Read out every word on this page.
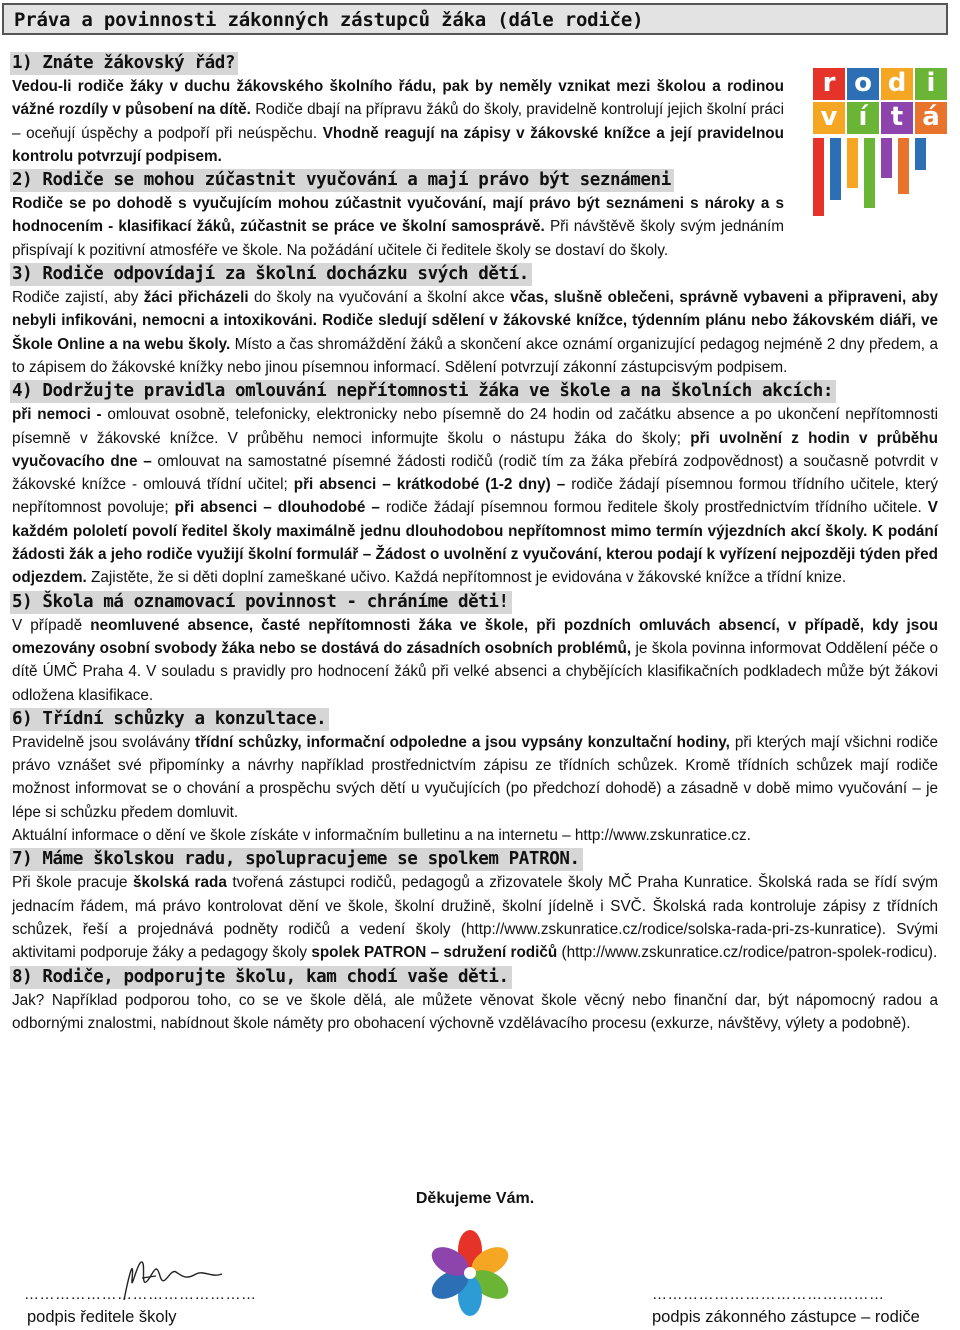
Práva a povinnosti zákonných zástupců žáka (dále rodiče)
r o d i
v í t á
1) Znáte žákovský řád?

Vedou-li rodiče žáky v duchu žákovského školního řádu, pak by neměly vznikat mezi školou a rodinou vážné rozdíly v působení na dítě. Rodiče dbají na přípravu žáků do školy, pravidelně kontrolují jejich školní práci – oceňují úspěchy a podpoří při neúspěchu. Vhodně reagují na zápisy v žákovské knížce a její pravidelnou kontrolu potvrzují podpisem.

2) Rodiče se mohou zúčastnit vyučování a mají právo být seznámeni

Rodiče se po dohodě s vyučujícím mohou zúčastnit vyučování, mají právo být seznámeni s nároky a s hodnocením - klasifikací žáků, zúčastnit se práce ve školní samosprávě. Při návštěvě školy svým jednáním přispívají k pozitivní atmosféře ve škole. Na požádání učitele či ředitele školy se dostaví do školy.

3) Rodiče odpovídají za školní docházku svých dětí.

Rodiče zajistí, aby žáci přicházeli do školy na vyučování a školní akce včas, slušně oblečeni, správně vybaveni a připraveni, aby nebyli infikováni, nemocni a intoxikováni. Rodiče sledují sdělení v žákovské knížce, týdenním plánu nebo žákovském diáři, ve Škole Online a na webu školy. Místo a čas shromáždění žáků a skončení akce oznámí organizující pedagog nejméně 2 dny předem, a to zápisem do žákovské knížky nebo jinou písemnou informací. Sdělení potvrzují zákonní zástupcisvým podpisem.

4) Dodržujte pravidla omlouvání nepřítomnosti žáka ve škole a na školních akcích:

při nemoci - omlouvat osobně, telefonicky, elektronicky nebo písemně do 24 hodin od začátku absence a po ukončení nepřítomnosti písemně v žákovské knížce. V průběhu nemoci informujte školu o nástupu žáka do školy; při uvolnění z hodin v průběhu vyučovacího dne – omlouvat na samostatné písemné žádosti rodičů (rodič tím za žáka přebírá zodpovědnost) a současně potvrdit v žákovské knížce - omlouvá třídní učitel; při absenci – krátkodobé (1-2 dny) – rodiče žádají písemnou formou třídního učitele, který nepřítomnost povoluje; při absenci – dlouhodobé – rodiče žádají písemnou formou ředitele školy prostřednictvím třídního učitele. V každém pololetí povolí ředitel školy maximálně jednu dlouhodobou nepřítomnost mimo termín výjezdních akcí školy. K podání žádosti žák a jeho rodiče využijí školní formulář – Žádost o uvolnění z vyučování, kterou podají k vyřízení nejpozději týden před odjezdem. Zajistěte, že si děti doplní zameškané učivo. Každá nepřítomnost je evidována v žákovské knížce a třídní knize.

5) Škola má oznamovací povinnost - chráníme děti!

V případě neomluvené absence, časté nepřítomnosti žáka ve škole, při pozdních omluvách absencí, v případě, kdy jsou omezovány osobní svobody žáka nebo se dostává do zásadních osobních problémů, je škola povinna informovat Oddělení péče o dítě ÚMČ Praha 4. V souladu s pravidly pro hodnocení žáků při velké absenci a chybějících klasifikačních podkladech může být žákovi odložena klasifikace.

6) Třídní schůzky a konzultace.

Pravidelně jsou svolávány třídní schůzky, informační odpoledne a jsou vypsány konzultační hodiny, při kterých mají všichni rodiče právo vznášet své připomínky a návrhy například prostřednictvím zápisu ze třídních schůzek. Kromě třídních schůzek mají rodiče možnost informovat se o chování a prospěchu svých dětí u vyučujících (po předchozí dohodě) a zásadně v době mimo vyučování – je lépe si schůzku předem domluvit.

Aktuální informace o dění ve škole získáte v informačním bulletinu a na internetu – http://www.zskunratice.cz.

7) Máme školskou radu, spolupracujeme se spolkem PATRON.

Při škole pracuje školská rada tvořená zástupci rodičů, pedagogů a zřizovatele školy MČ Praha Kunratice. Školská rada se řídí svým jednacím řádem, má právo kontrolovat dění ve škole, školní družině, školní jídelně i SVČ. Školská rada kontroluje zápisy z třídních schůzek, řeší a projednává podněty rodičů a vedení školy (http://www.zskunratice.cz/rodice/solska-rada-pri-zs-kunratice). Svými aktivitami podporuje žáky a pedagogy školy spolek PATRON – sdružení rodičů (http://www.zskunratice.cz/rodice/patron-spolek-rodicu).

8) Rodiče, podporujte školu, kam chodí vaše děti.

Jak? Například podporou toho, co se ve škole dělá, ale můžete věnovat škole věcný nebo finanční dar, být nápomocný radou a odbornými znalostmi, nabídnout škole náměty pro obohacení výchovně vzdělávacího procesu (exkurze, návštěvy, výlety a podobně).

Děkujeme Vám.
………………………………………	………………………………………
podpis ředitele školy	podpis zákonného zástupce – rodiče
